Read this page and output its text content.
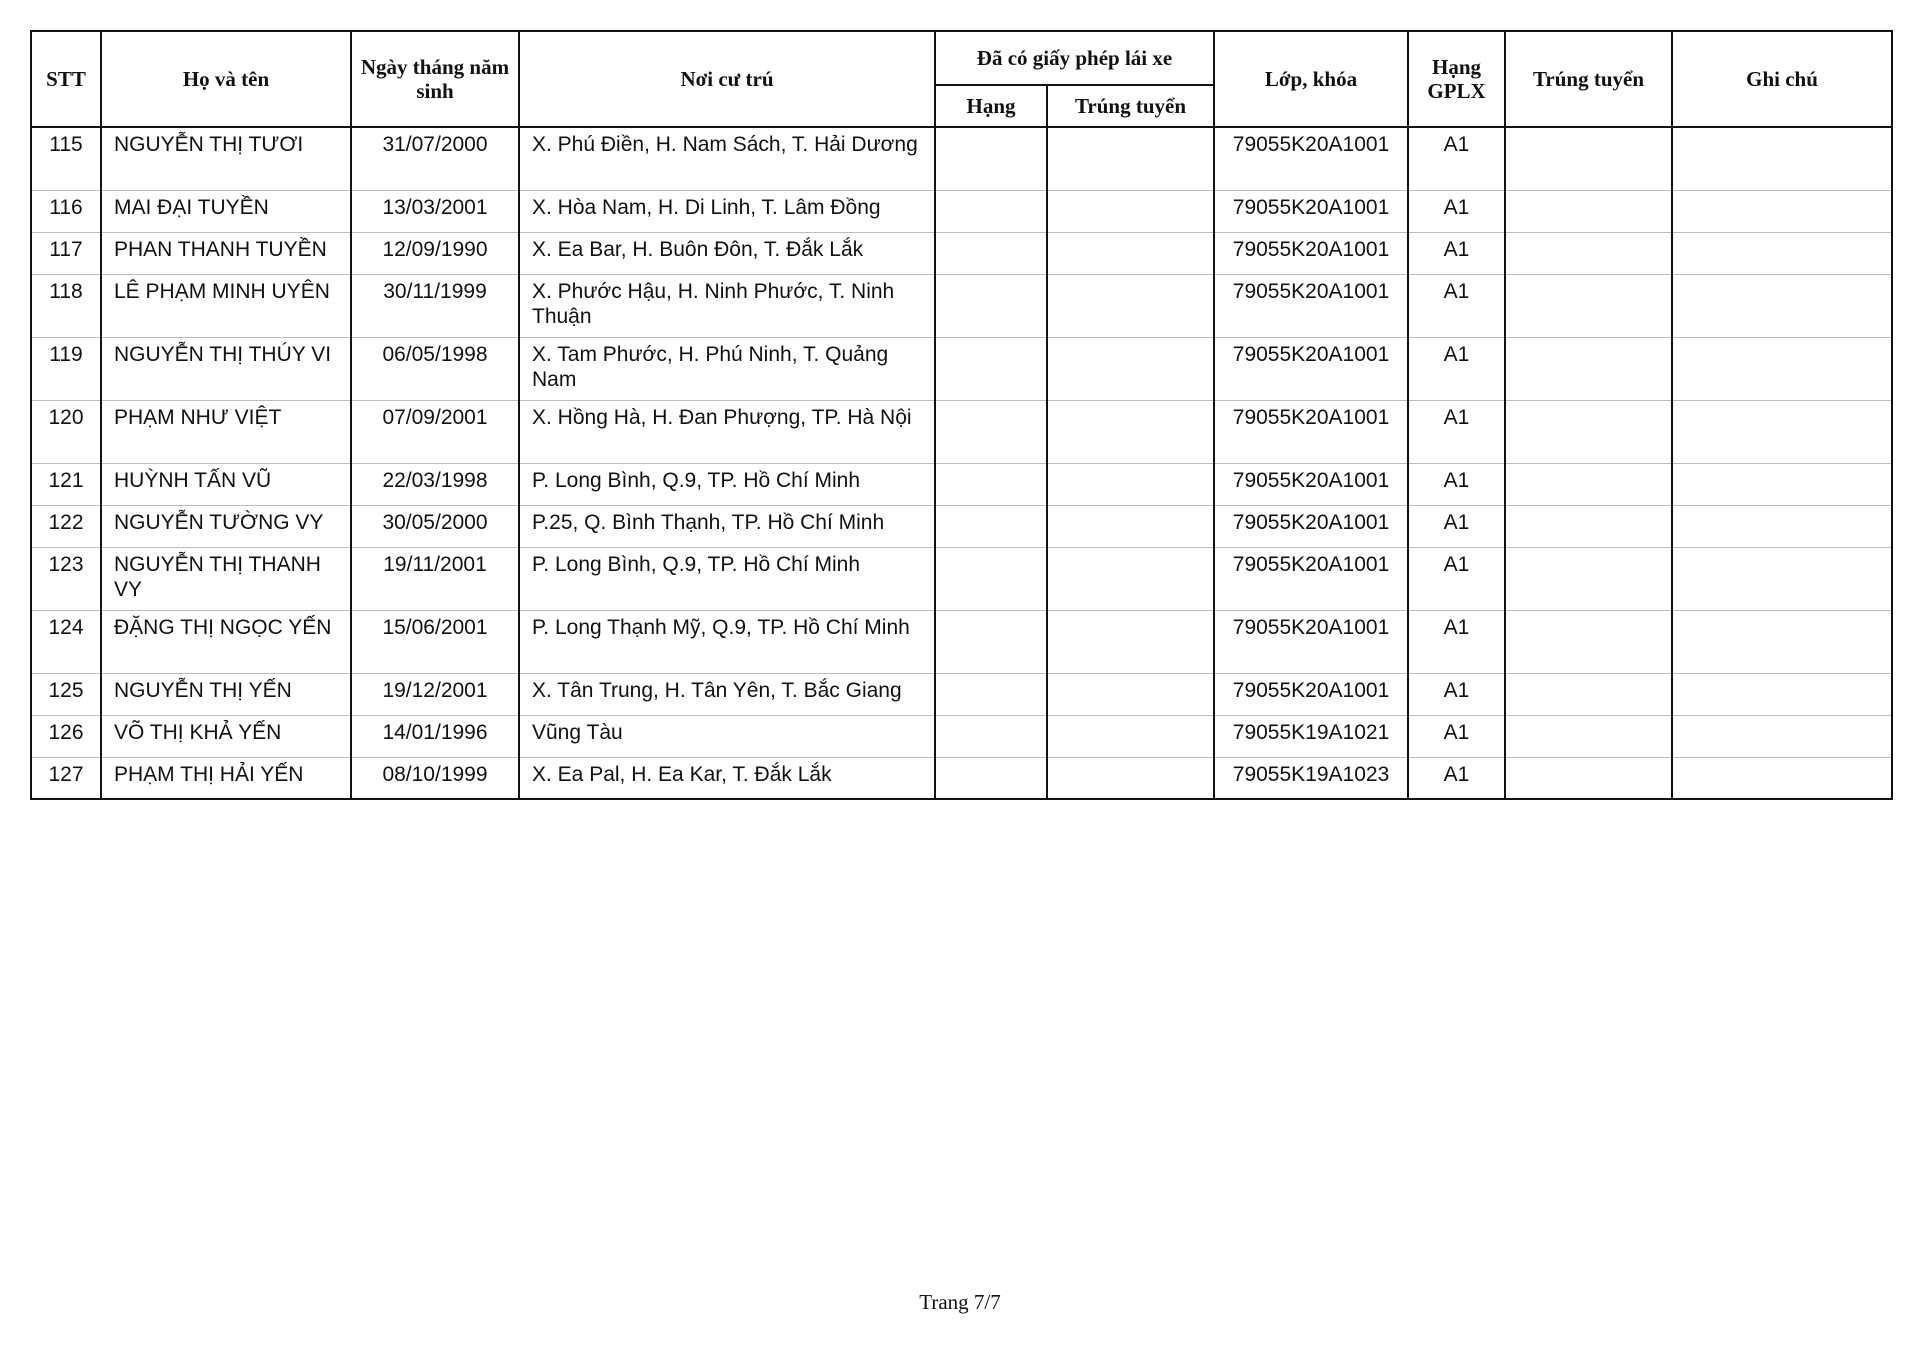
STT	Họ và tên	Ngày tháng năm sinh	Nơi cư trú	Đã có giấy phép lái xe		Lớp, khóa	Hạng GPLX	Trúng tuyển	Ghi chú
				Hạng	Trúng tuyển				
115	NGUYỄN THỊ TƯƠI	31/07/2000	X. Phú Điền, H. Nam Sách, T. Hải Dương			79055K20A1001	A1		
116	MAI ĐẠI TUYỀN	13/03/2001	X. Hòa Nam, H. Di Linh, T. Lâm Đồng			79055K20A1001	A1		
117	PHAN THANH TUYỀN	12/09/1990	X. Ea Bar, H. Buôn Đôn, T. Đắk Lắk			79055K20A1001	A1		
118	LÊ PHẠM MINH UYÊN	30/11/1999	X. Phước Hậu, H. Ninh Phước, T. Ninh Thuận			79055K20A1001	A1		
119	NGUYỄN THỊ THÚY VI	06/05/1998	X. Tam Phước, H. Phú Ninh, T. Quảng Nam			79055K20A1001	A1		
120	PHẠM NHƯ VIỆT	07/09/2001	X. Hồng Hà, H. Đan Phượng, TP. Hà Nội			79055K20A1001	A1		
121	HUỲNH TẤN VŨ	22/03/1998	P. Long Bình, Q.9, TP. Hồ Chí Minh			79055K20A1001	A1		
122	NGUYỄN TƯỜNG VY	30/05/2000	P.25, Q. Bình Thạnh, TP. Hồ Chí Minh			79055K20A1001	A1		
123	NGUYỄN THỊ THANH VY	19/11/2001	P. Long Bình, Q.9, TP. Hồ Chí Minh			79055K20A1001	A1		
124	ĐẶNG THỊ NGỌC YẾN	15/06/2001	P. Long Thạnh Mỹ, Q.9, TP. Hồ Chí Minh			79055K20A1001	A1		
125	NGUYỄN THỊ YẾN	19/12/2001	X. Tân Trung, H. Tân Yên, T. Bắc Giang			79055K20A1001	A1		
126	VÕ THỊ KHẢ YẾN	14/01/1996	Vũng Tàu			79055K19A1021	A1		
127	PHẠM THỊ HẢI YẾN	08/10/1999	X. Ea Pal, H. Ea Kar, T. Đắk Lắk			79055K19A1023	A1		
Trang 7/7
